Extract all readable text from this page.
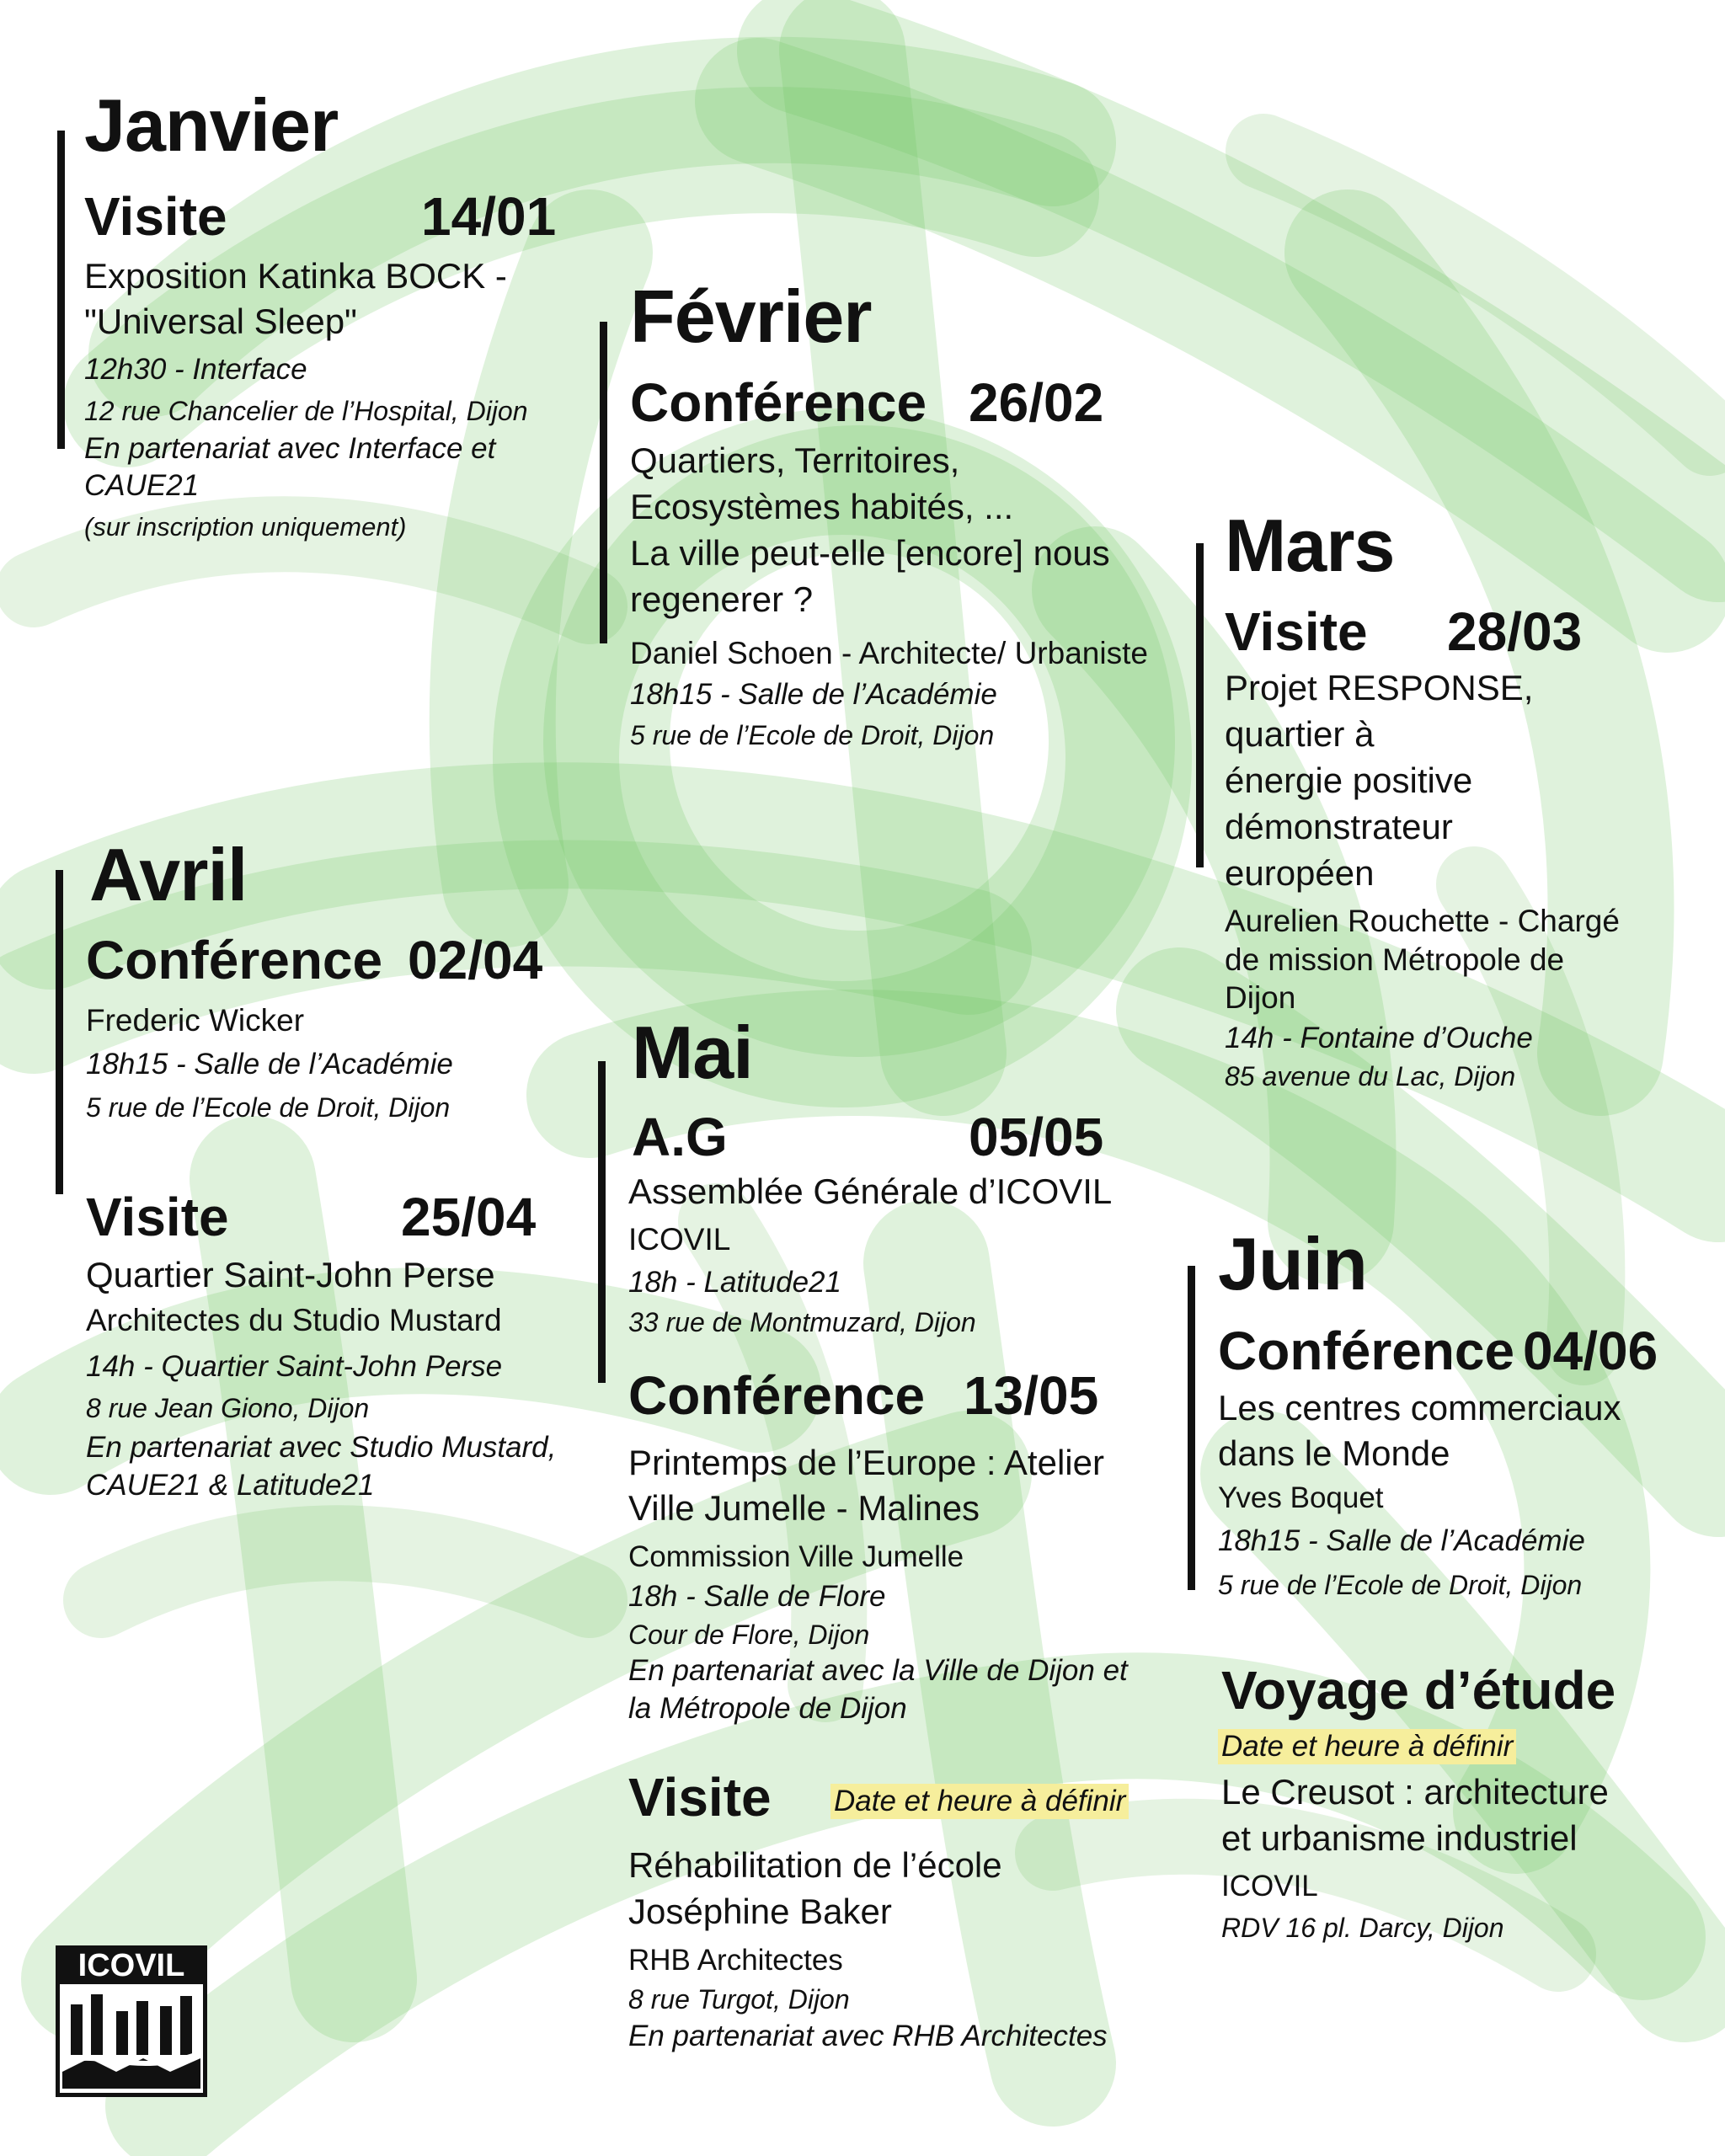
Janvier
Visite	14/01
Exposition Katinka BOCK -
"Universal Sleep"
12h30 - Interface
12 rue Chancelier de l’Hospital, Dijon
En partenariat avec Interface et
CAUE21
(sur inscription uniquement)
Février
Conférence 26/02
Quartiers, Territoires,
Ecosystèmes habités, ...
La ville peut-elle [encore] nous
regenerer ?
Daniel Schoen - Architecte/ Urbaniste
18h15 - Salle de l’Académie
5 rue de l’Ecole de Droit, Dijon
Mars
Visite 28/03
Projet RESPONSE,
quartier à
énergie positive
démonstrateur
européen
Aurelien Rouchette - Chargé
de mission Métropole de
Dijon
14h - Fontaine d’Ouche
85 avenue du Lac, Dijon
Avril
Conférence 02/04
Frederic Wicker
18h15 - Salle de l’Académie
5 rue de l’Ecole de Droit, Dijon
Visite	25/04
Quartier Saint-John Perse
Architectes du Studio Mustard
14h - Quartier Saint-John Perse
8 rue Jean Giono, Dijon
En partenariat avec Studio Mustard,
CAUE21 & Latitude21
Mai
A.G	05/05
Assemblée Générale d’ICOVIL
ICOVIL
18h - Latitude21
33 rue de Montmuzard, Dijon
Conférence 13/05
Printemps de l’Europe : Atelier
Ville Jumelle - Malines
Commission Ville Jumelle
18h - Salle de Flore
Cour de Flore, Dijon
En partenariat avec la Ville de Dijon et
la Métropole de Dijon
Visite Date et heure à définir
Réhabilitation de l’école
Joséphine Baker
RHB Architectes
8 rue Turgot, Dijon
En partenariat avec RHB Architectes
Juin
Conférence 04/06
Les centres commerciaux
dans le Monde
Yves Boquet
18h15 - Salle de l’Académie
5 rue de l’Ecole de Droit, Dijon
Voyage d’étude
Date et heure à définir
Le Creusot : architecture
et urbanisme industriel
ICOVIL
RDV 16 pl. Darcy, Dijon
ICOVIL
